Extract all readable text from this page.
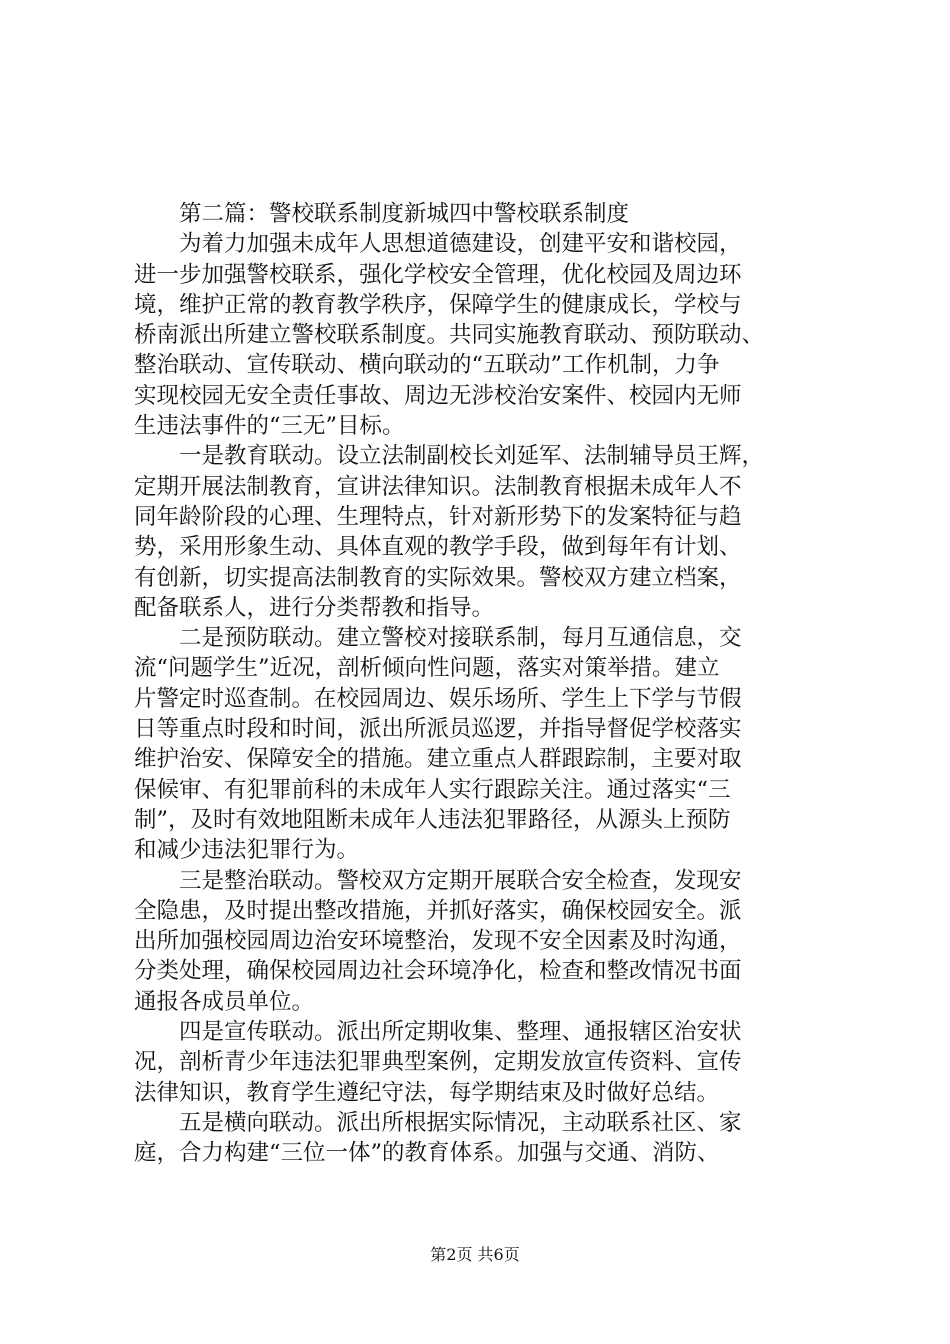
第二篇：警校联系制度新城四中警校联系制度
为着力加强未成年人思想道德建设，创建平安和谐校园，
进一步加强警校联系，强化学校安全管理，优化校园及周边环
境，维护正常的教育教学秩序，保障学生的健康成长，学校与
桥南派出所建立警校联系制度。共同实施教育联动、预防联动、
整治联动、宣传联动、横向联动的“五联动”工作机制，力争
实现校园无安全责任事故、周边无涉校治安案件、校园内无师
生违法事件的“三无”目标。
一是教育联动。设立法制副校长刘延军、法制辅导员王辉，
定期开展法制教育，宣讲法律知识。法制教育根据未成年人不
同年龄阶段的心理、生理特点，针对新形势下的发案特征与趋
势，采用形象生动、具体直观的教学手段，做到每年有计划、
有创新，切实提高法制教育的实际效果。警校双方建立档案，
配备联系人，进行分类帮教和指导。
二是预防联动。建立警校对接联系制，每月互通信息，交
流“问题学生”近况，剖析倾向性问题，落实对策举措。建立
片警定时巡查制。在校园周边、娱乐场所、学生上下学与节假
日等重点时段和时间，派出所派员巡逻，并指导督促学校落实
维护治安、保障安全的措施。建立重点人群跟踪制，主要对取
保候审、有犯罪前科的未成年人实行跟踪关注。通过落实“三
制”，及时有效地阻断未成年人违法犯罪路径，从源头上预防
和减少违法犯罪行为。
三是整治联动。警校双方定期开展联合安全检查，发现安
全隐患，及时提出整改措施，并抓好落实，确保校园安全。派
出所加强校园周边治安环境整治，发现不安全因素及时沟通，
分类处理，确保校园周边社会环境净化，检查和整改情况书面
通报各成员单位。
四是宣传联动。派出所定期收集、整理、通报辖区治安状
况，剖析青少年违法犯罪典型案例，定期发放宣传资料、宣传
法律知识，教育学生遵纪守法，每学期结束及时做好总结。
五是横向联动。派出所根据实际情况，主动联系社区、家
庭，合力构建“三位一体”的教育体系。加强与交通、消防、
第2页 共6页
